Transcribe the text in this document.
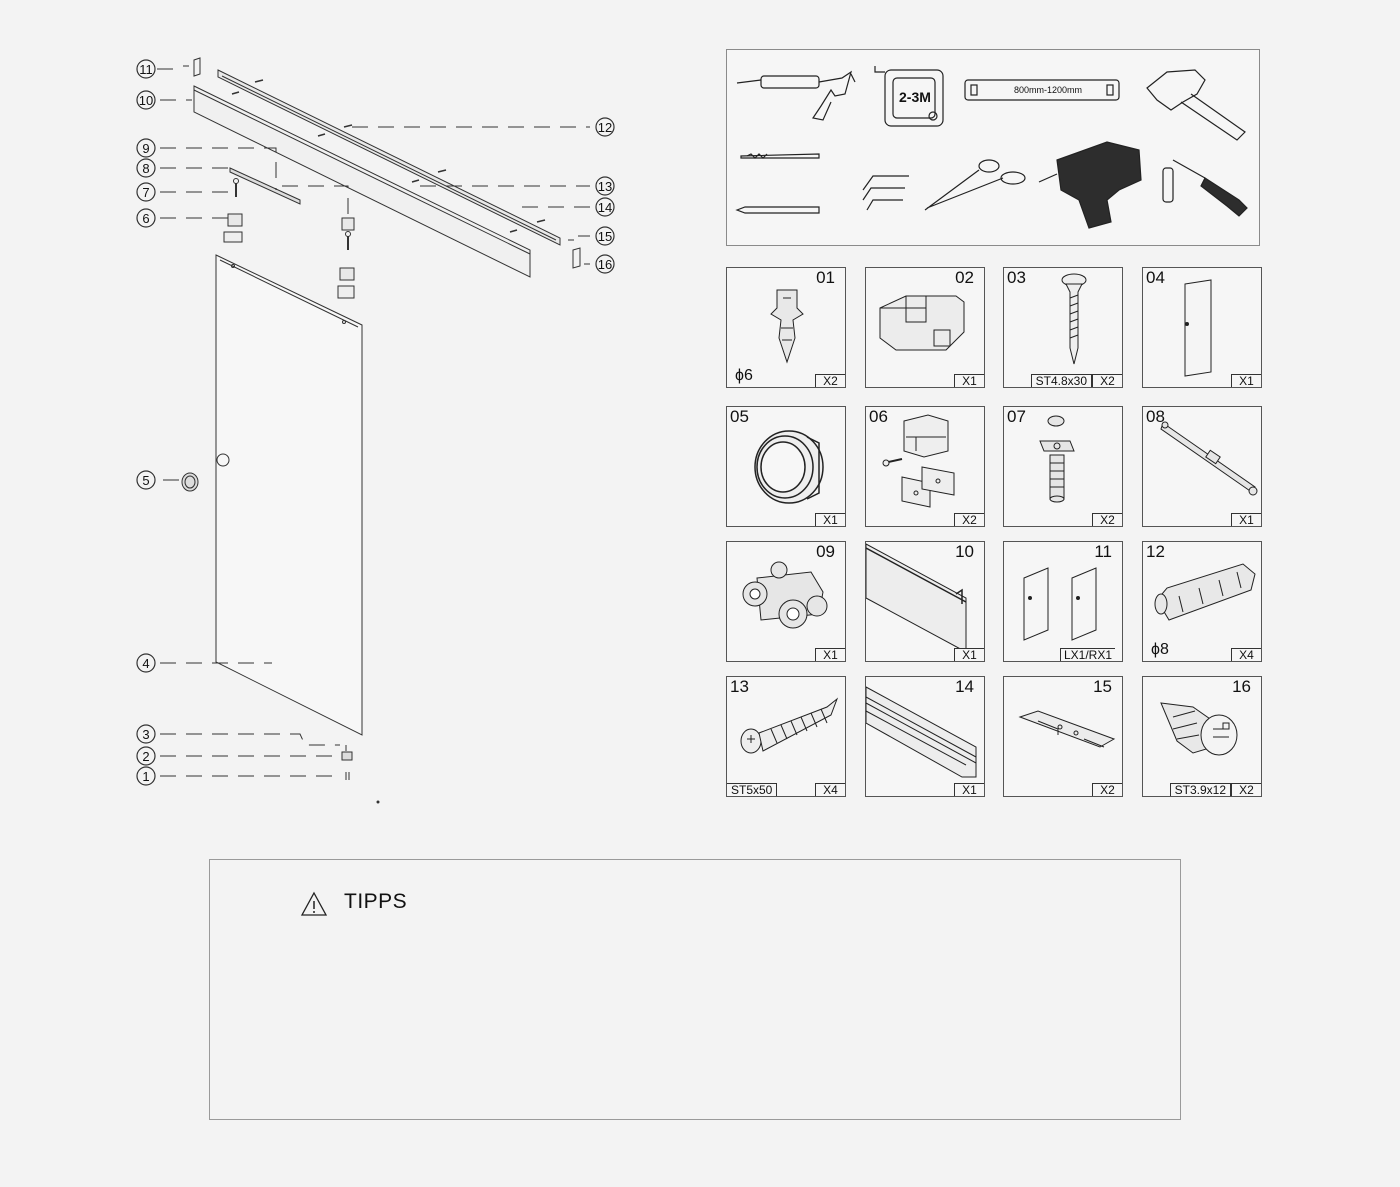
11
10
9
8
7
6
5
4
3
2
1
12
13
14
15
16
2-3M	800mm-1200mm
01
ϕ6	X2
02
X1
03
ST4.8x30	X2
04
X1
05
X1
06
X2
07
X2
08
X1
09
X1
10
X1
11
LX1/RX1
12
ϕ8	X4
13
ST5x50	X4
14
X1
15
X2
16
ST3.9x12	X2
TIPPS
